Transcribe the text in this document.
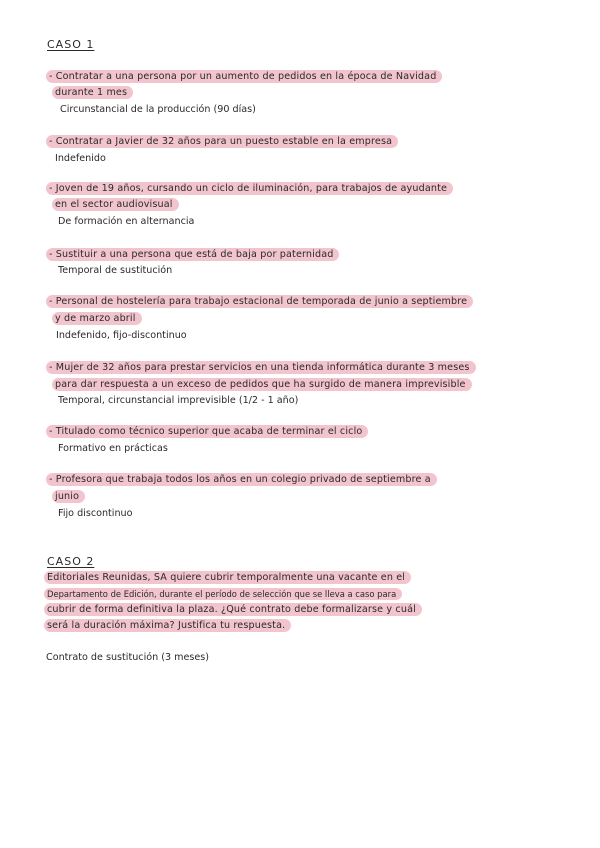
CASO 1
- Contratar a una persona por un aumento de pedidos en la época de Navidad
durante 1 mes
Circunstancial de la producción (90 días)
- Contratar a Javier de 32 años para un puesto estable en la empresa
Indefenido
- Joven de 19 años, cursando un ciclo de iluminación, para trabajos de ayudante
en el sector audiovisual
De formación en alternancia
- Sustituir a una persona que está de baja por paternidad
Temporal de sustitución
- Personal de hostelería para trabajo estacional de temporada de junio a septiembre
y de marzo abril
Indefenido, fijo-discontinuo
- Mujer de 32 años para prestar servicios en una tienda informática durante 3 meses
para dar respuesta a un exceso de pedidos que ha surgido de manera imprevisible
Temporal, circunstancial imprevisible (1/2 - 1 año)
- Titulado como técnico superior que acaba de terminar el ciclo
Formativo en prácticas
- Profesora que trabaja todos los años en un colegio privado de septiembre a
junio
Fijo discontinuo
CASO 2
Editoriales Reunidas, SA quiere cubrir temporalmente una vacante en el
Departamento de Edición, durante el período de selección que se lleva a caso para
cubrir de forma definitiva la plaza. ¿Qué contrato debe formalizarse y cuál
será la duración máxima? Justifica tu respuesta.
Contrato de sustitución (3 meses)
